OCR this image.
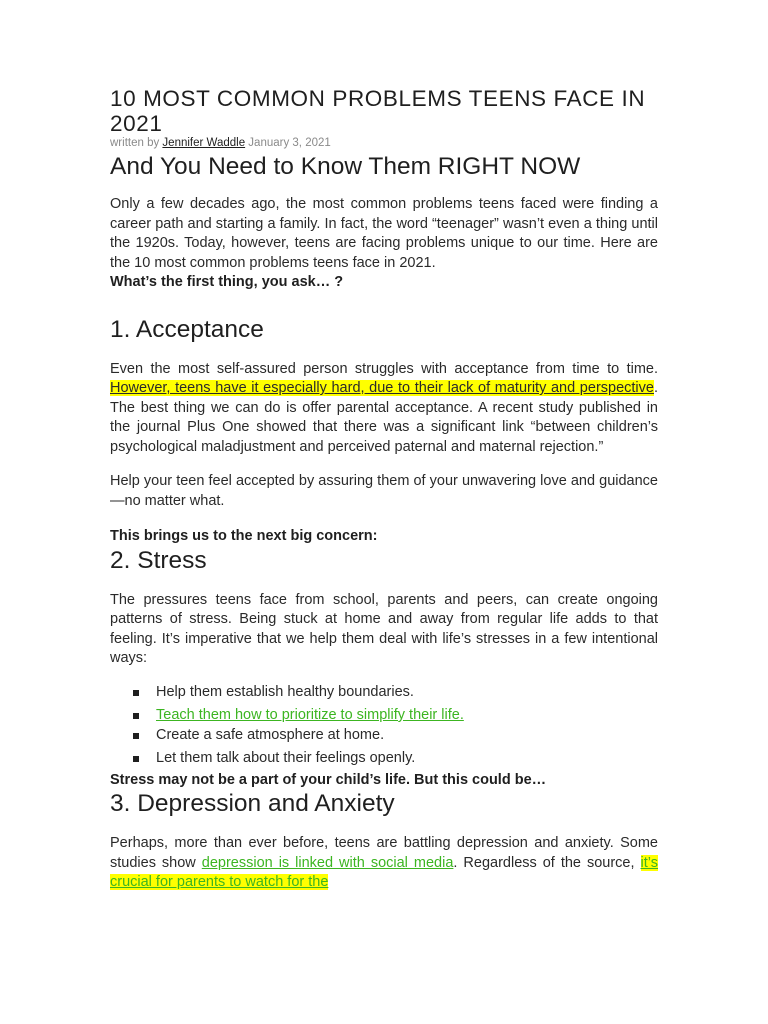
10 MOST COMMON PROBLEMS TEENS FACE IN 2021
written by Jennifer Waddle January 3, 2021
And You Need to Know Them RIGHT NOW

Only a few decades ago, the most common problems teens faced were finding a career path and starting a family. In fact, the word “teenager” wasn’t even a thing until the 1920s. Today, however, teens are facing problems unique to our time. Here are the 10 most common problems teens face in 2021.

What’s the first thing, you ask… ?

1. Acceptance

Even the most self-assured person struggles with acceptance from time to time. However, teens have it especially hard, due to their lack of maturity and perspective. The best thing we can do is offer parental acceptance. A recent study published in the journal Plus One showed that there was a significant link “between children’s psychological maladjustment and perceived paternal and maternal rejection.”

Help your teen feel accepted by assuring them of your unwavering love and guidance—no matter what.

This brings us to the next big concern:

2. Stress

The pressures teens face from school, parents and peers, can create ongoing patterns of stress. Being stuck at home and away from regular life adds to that feeling. It’s imperative that we help them deal with life’s stresses in a few intentional ways:

Help them establish healthy boundaries.
Teach them how to prioritize to simplify their life.
Create a safe atmosphere at home.
Let them talk about their feelings openly.

Stress may not be a part of your child’s life. But this could be…

3. Depression and Anxiety

Perhaps, more than ever before, teens are battling depression and anxiety. Some studies show depression is linked with social media. Regardless of the source, it’s crucial for parents to watch for the
